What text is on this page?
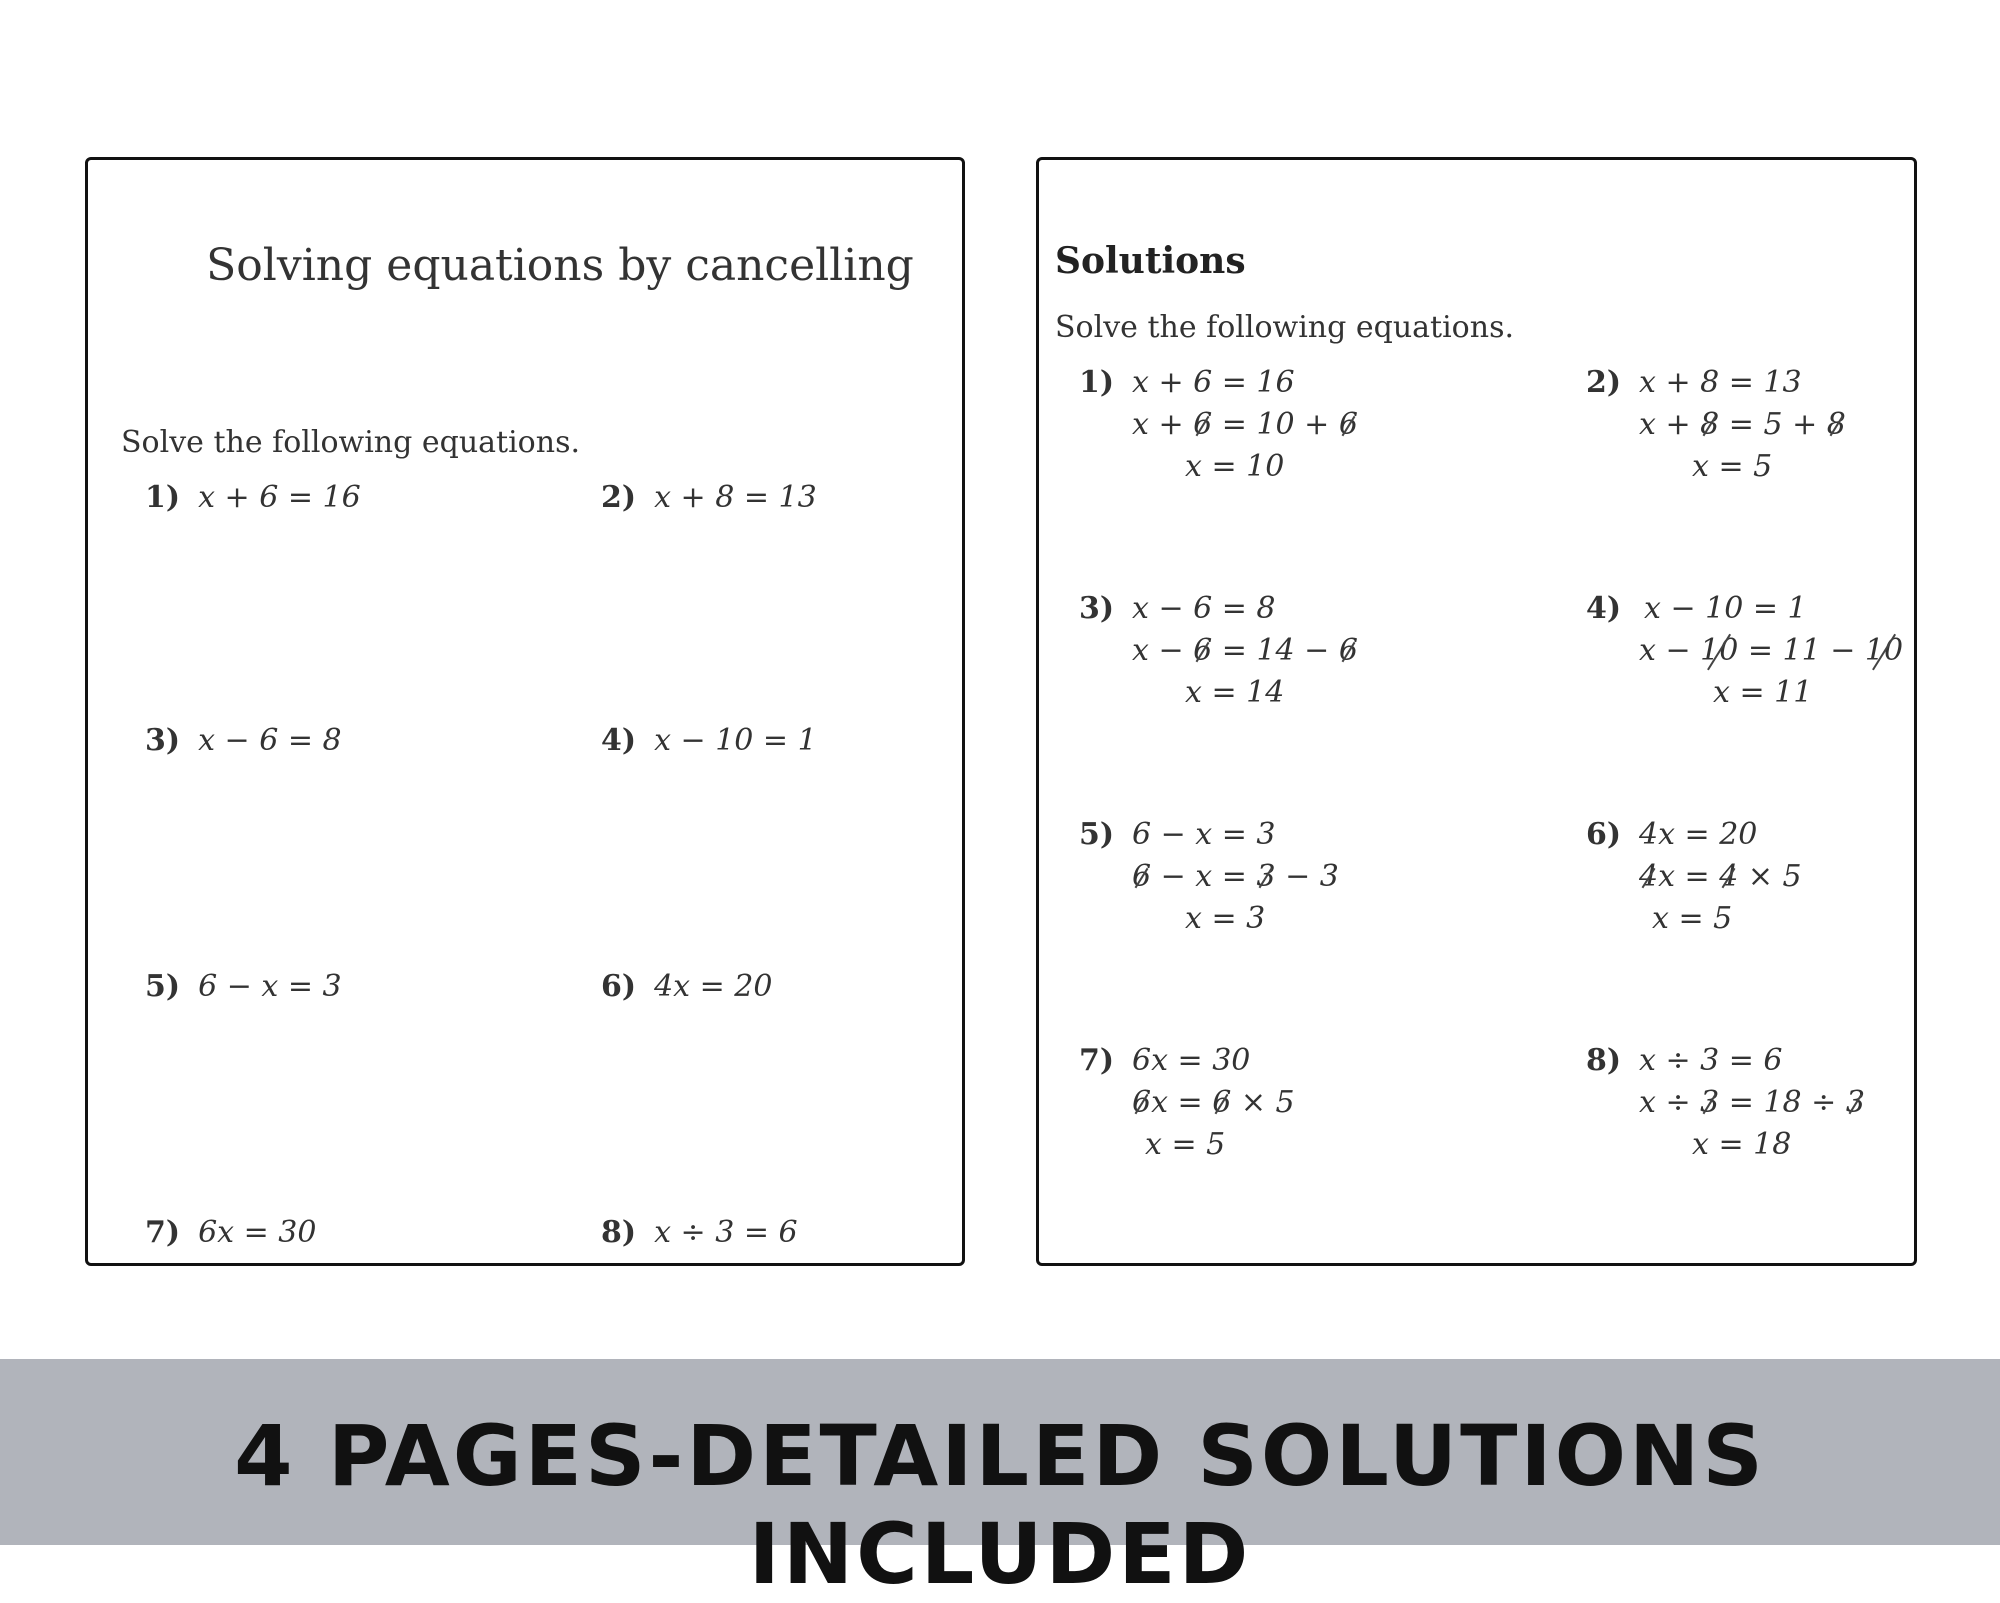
Solving equations by cancelling
Solve the following equations.
1) x + 6 = 16	2) x + 8 = 13
3) x − 6 = 8	4) x − 10 = 1
5) 6 − x = 3	6) 4x = 20
7) 6x = 30	8) x ÷ 3 = 6
Solutions
Solve the following equations.
1) x + 6 = 16
x + 6 = 10 + 6
x = 10
2) x + 8 = 13
x + 8 = 5 + 8
x = 5
3) x − 6 = 8
x − 6 = 14 − 6
x = 14
4) x − 10 = 1
x − 10 = 11 − 10
x = 11
5) 6 − x = 3
6 − x = 3 − 3
x = 3
6) 4x = 20
4x = 4 × 5
x = 5
7) 6x = 30
6x = 6 × 5
x = 5
8) x ÷ 3 = 6
x ÷ 3 = 18 ÷ 3
x = 18
4 PAGES-DETAILED SOLUTIONS INCLUDED
